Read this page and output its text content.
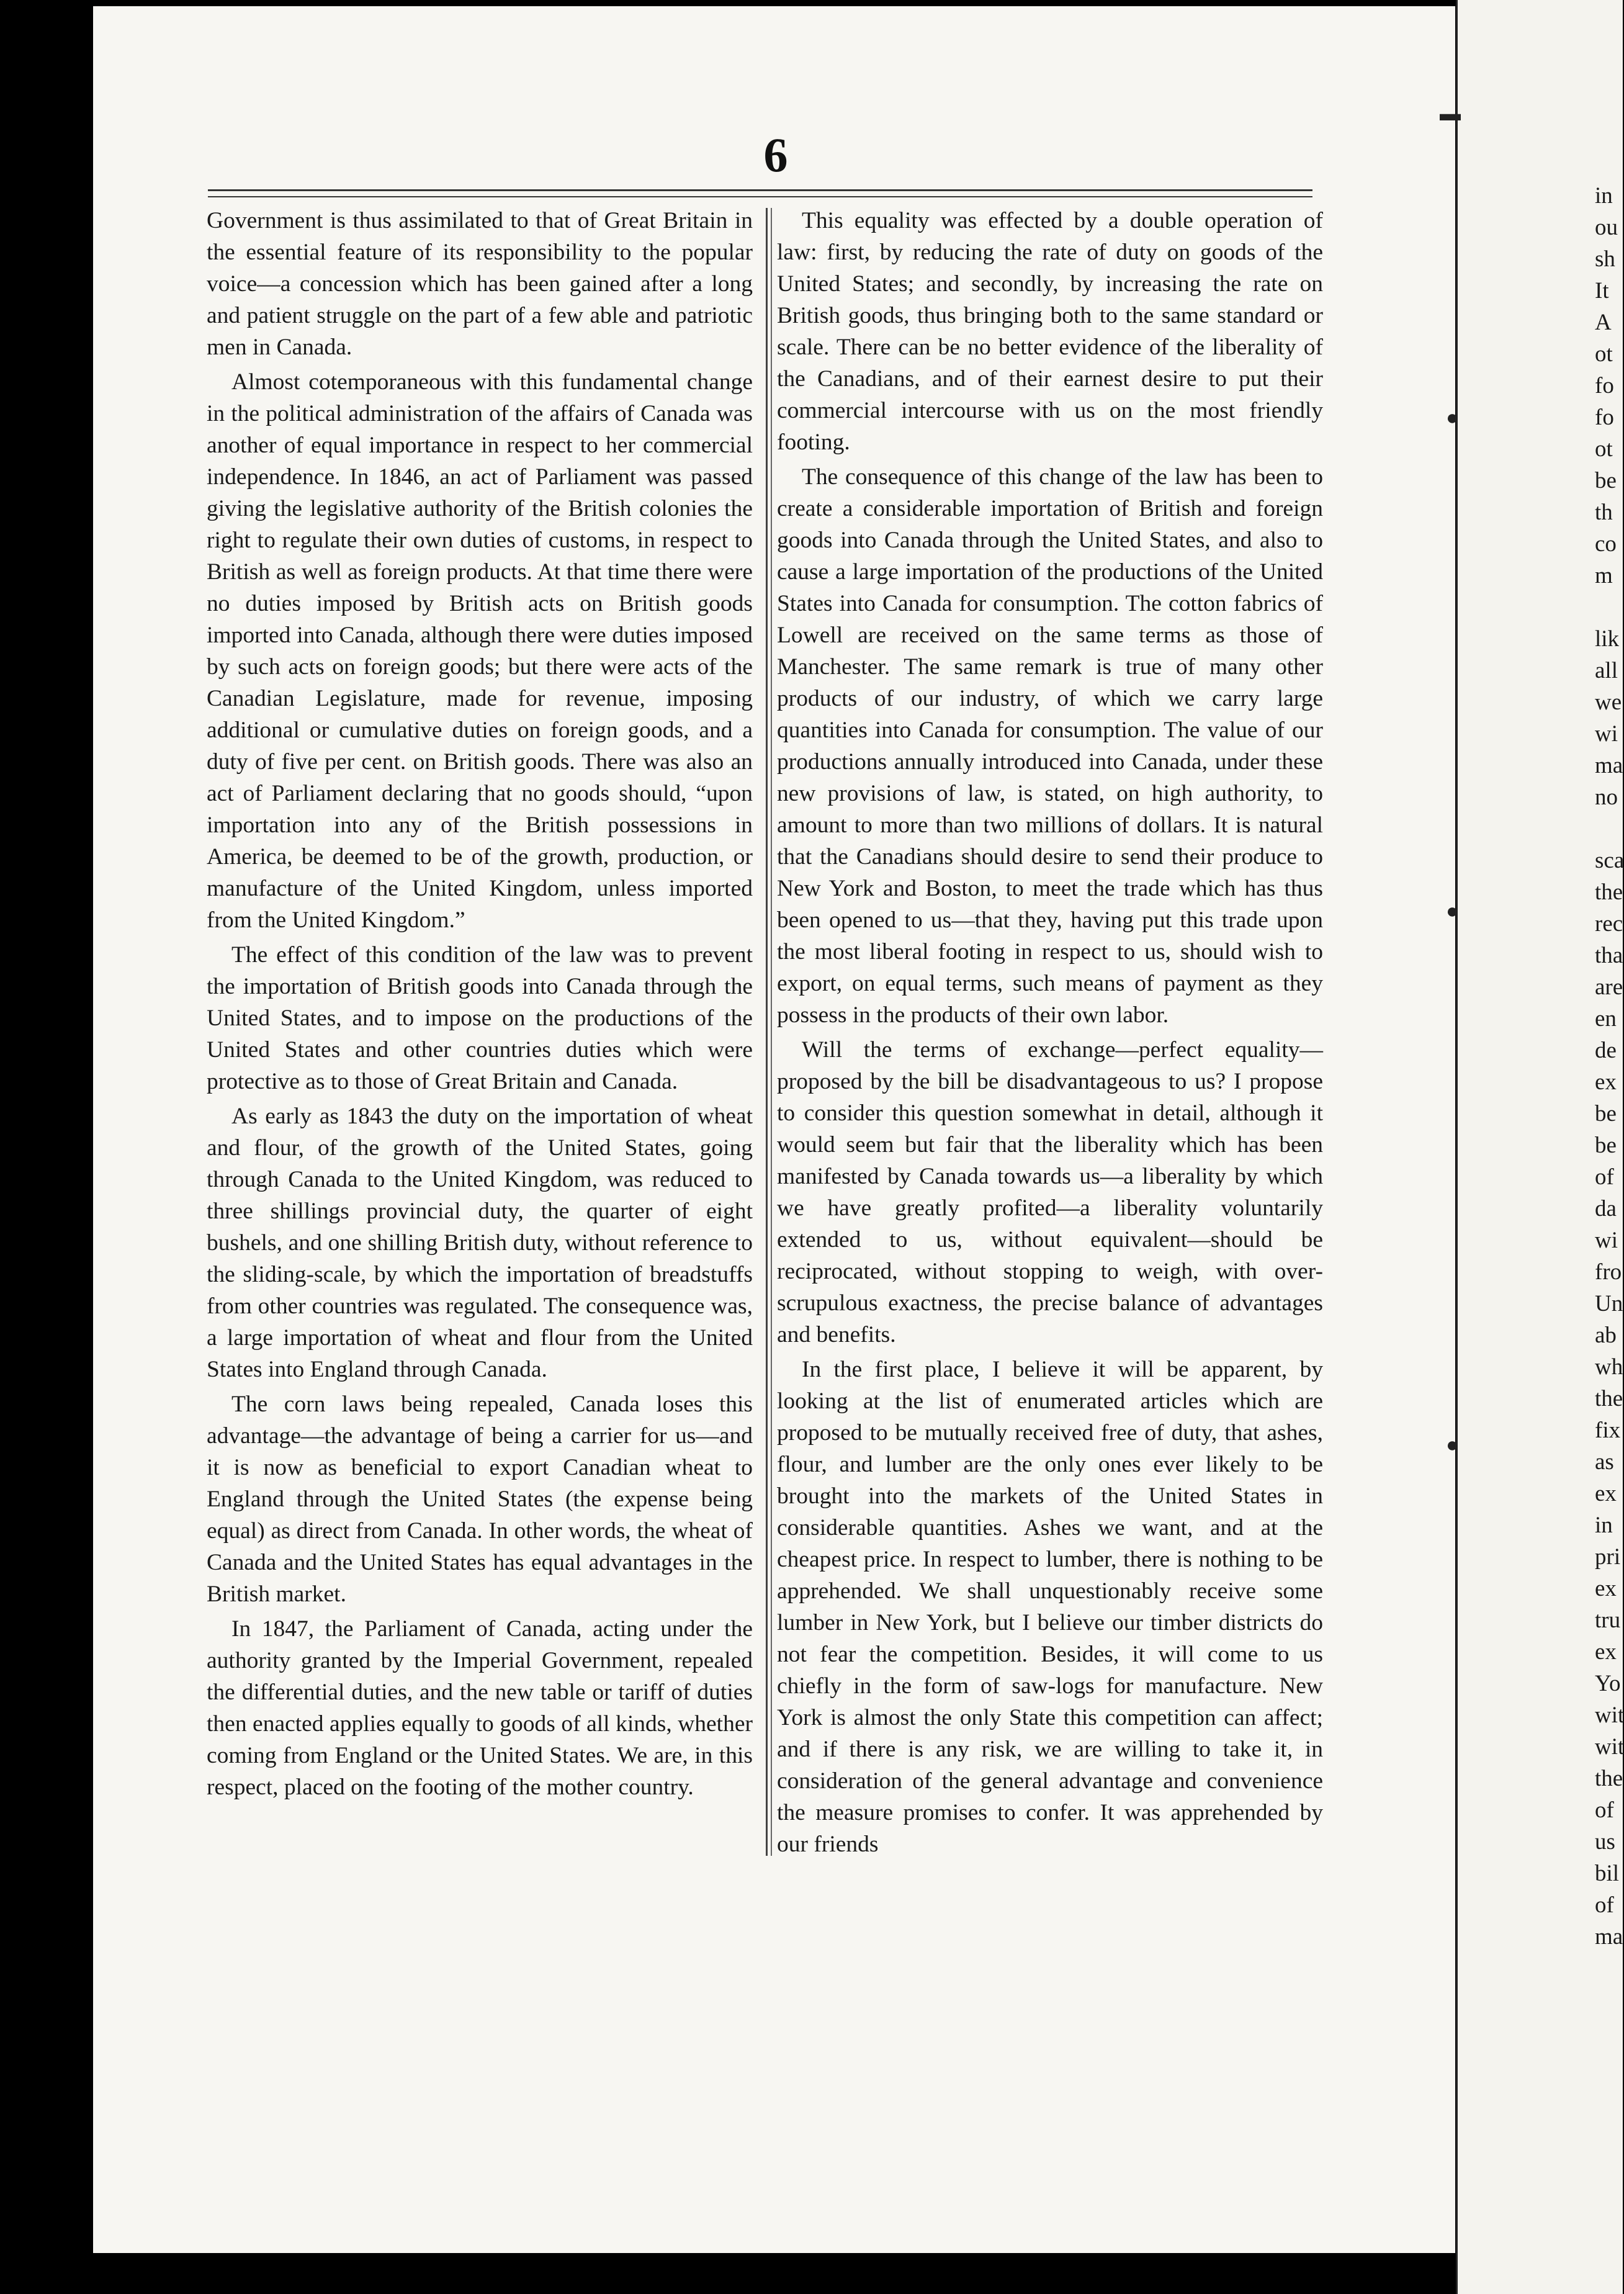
6

Government is thus assimilated to that of Great Britain in the essential feature of its responsibility to the popular voice—a concession which has been gained after a long and patient struggle on the part of a few able and patriotic men in Canada.

Almost cotemporaneous with this fundamental change in the political administration of the affairs of Canada was another of equal importance in respect to her commercial independence. In 1846, an act of Parliament was passed giving the legislative authority of the British colonies the right to regulate their own duties of customs, in respect to British as well as foreign products. At that time there were no duties imposed by British acts on British goods imported into Canada, although there were duties imposed by such acts on foreign goods; but there were acts of the Canadian Legislature, made for revenue, imposing additional or cumulative duties on foreign goods, and a duty of five per cent. on British goods. There was also an act of Parliament declaring that no goods should, “upon importation into any of the British possessions in America, be deemed to be of the growth, production, or manufacture of the United Kingdom, unless imported from the United Kingdom.”

The effect of this condition of the law was to prevent the importation of British goods into Canada through the United States, and to impose on the productions of the United States and other countries duties which were protective as to those of Great Britain and Canada.

As early as 1843 the duty on the importation of wheat and flour, of the growth of the United States, going through Canada to the United Kingdom, was reduced to three shillings provincial duty, the quarter of eight bushels, and one shilling British duty, without reference to the sliding-scale, by which the importation of breadstuffs from other countries was regulated. The consequence was, a large importation of wheat and flour from the United States into England through Canada.

The corn laws being repealed, Canada loses this advantage—the advantage of being a carrier for us—and it is now as beneficial to export Canadian wheat to England through the United States (the expense being equal) as direct from Canada. In other words, the wheat of Canada and the United States has equal advantages in the British market.

In 1847, the Parliament of Canada, acting under the authority granted by the Imperial Government, repealed the differential duties, and the new table or tariff of duties then enacted applies equally to goods of all kinds, whether coming from England or the United States. We are, in this respect, placed on the footing of the mother country.

This equality was effected by a double operation of law: first, by reducing the rate of duty on goods of the United States; and secondly, by increasing the rate on British goods, thus bringing both to the same standard or scale. There can be no better evidence of the liberality of the Canadians, and of their earnest desire to put their commercial intercourse with us on the most friendly footing.

The consequence of this change of the law has been to create a considerable importation of British and foreign goods into Canada through the United States, and also to cause a large importation of the productions of the United States into Canada for consumption. The cotton fabrics of Lowell are received on the same terms as those of Manchester. The same remark is true of many other products of our industry, of which we carry large quantities into Canada for consumption. The value of our productions annually introduced into Canada, under these new provisions of law, is stated, on high authority, to amount to more than two millions of dollars. It is natural that the Canadians should desire to send their produce to New York and Boston, to meet the trade which has thus been opened to us—that they, having put this trade upon the most liberal footing in respect to us, should wish to export, on equal terms, such means of payment as they possess in the products of their own labor.

Will the terms of exchange—perfect equality—proposed by the bill be disadvantageous to us? I propose to consider this question somewhat in detail, although it would seem but fair that the liberality which has been manifested by Canada towards us—a liberality by which we have greatly profited—a liberality voluntarily extended to us, without equivalent—should be reciprocated, without stopping to weigh, with over-scrupulous exactness, the precise balance of advantages and benefits.

In the first place, I believe it will be apparent, by looking at the list of enumerated articles which are proposed to be mutually received free of duty, that ashes, flour, and lumber are the only ones ever likely to be brought into the markets of the United States in considerable quantities. Ashes we want, and at the cheapest price. In respect to lumber, there is nothing to be apprehended. We shall unquestionably receive some lumber in New York, but I believe our timber districts do not fear the competition. Besides, it will come to us chiefly in the form of saw-logs for manufacture. New York is almost the only State this competition can affect; and if there is any risk, we are willing to take it, in consideration of the general advantage and convenience the measure promises to confer. It was apprehended by our friends

in
ou
sh
It
A
ot
fo
fo
ot
be
th
co
m
lik
all
we
wi
ma
no
sca
the
rec
tha
are
en
de
ex
be
be
of
da
wi
fro
Un
ab
wh
the
fix
as
ex
in
pri
ex
tru
ex
Yo
wit
wit
the
of
us
bil
of
ma
▬
●
●
●
